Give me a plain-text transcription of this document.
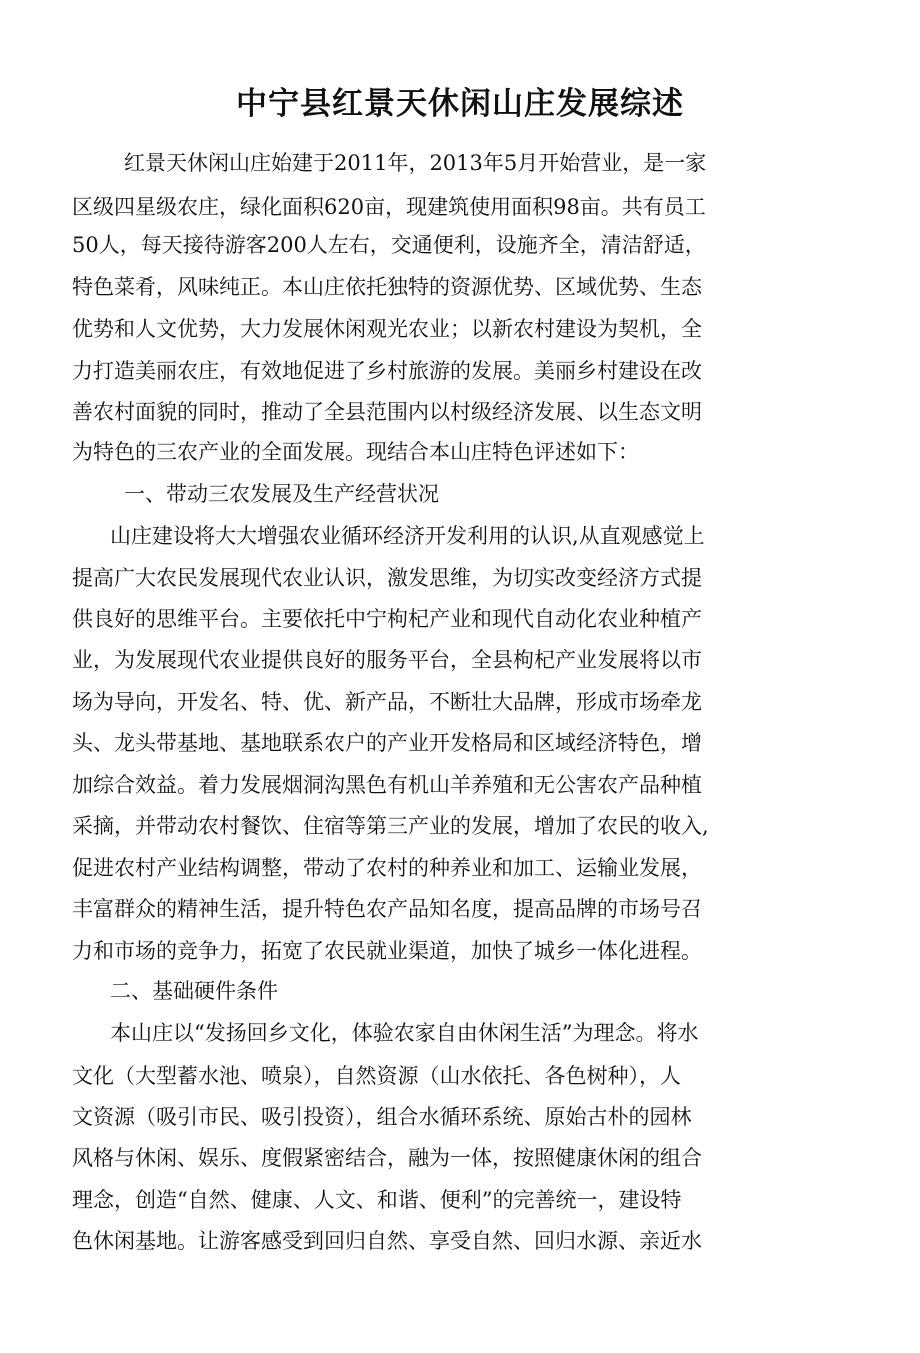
中宁县红景天休闲山庄发展综述

红景天休闲山庄始建于2011年，2013年5月开始营业，是一家

区级四星级农庄，绿化面积620亩，现建筑使用面积98亩。共有员工

50人，每天接待游客200人左右，交通便利，设施齐全，清洁舒适，

特色菜肴，风味纯正。本山庄依托独特的资源优势、区域优势、生态

优势和人文优势，大力发展休闲观光农业；以新农村建设为契机，全

力打造美丽农庄，有效地促进了乡村旅游的发展。美丽乡村建设在改

善农村面貌的同时，推动了全县范围内以村级经济发展、以生态文明

为特色的三农产业的全面发展。现结合本山庄特色评述如下：

一、带动三农发展及生产经营状况

山庄建设将大大增强农业循环经济开发利用的认识,从直观感觉上

提高广大农民发展现代农业认识，激发思维，为切实改变经济方式提

供良好的思维平台。主要依托中宁枸杞产业和现代自动化农业种植产

业，为发展现代农业提供良好的服务平台，全县枸杞产业发展将以市

场为导向，开发名、特、优、新产品，不断壮大品牌，形成市场牵龙

头、龙头带基地、基地联系农户的产业开发格局和区域经济特色，增

加综合效益。着力发展烟洞沟黑色有机山羊养殖和无公害农产品种植

采摘，并带动农村餐饮、住宿等第三产业的发展，增加了农民的收入,

促进农村产业结构调整，带动了农村的种养业和加工、运输业发展，

丰富群众的精神生活，提升特色农产品知名度，提高品牌的市场号召

力和市场的竞争力，拓宽了农民就业渠道，加快了城乡一体化进程。

二、基础硬件条件

本山庄以“发扬回乡文化，体验农家自由休闲生活”为理念。将水

文化（大型蓄水池、喷泉），自然资源（山水依托、各色树种），人

文资源（吸引市民、吸引投资），组合水循环系统、原始古朴的园林

风格与休闲、娱乐、度假紧密结合，融为一体，按照健康休闲的组合

理念，创造“自然、健康、人文、和谐、便利”的完善统一，建设特

色休闲基地。让游客感受到回归自然、享受自然、回归水源、亲近水
